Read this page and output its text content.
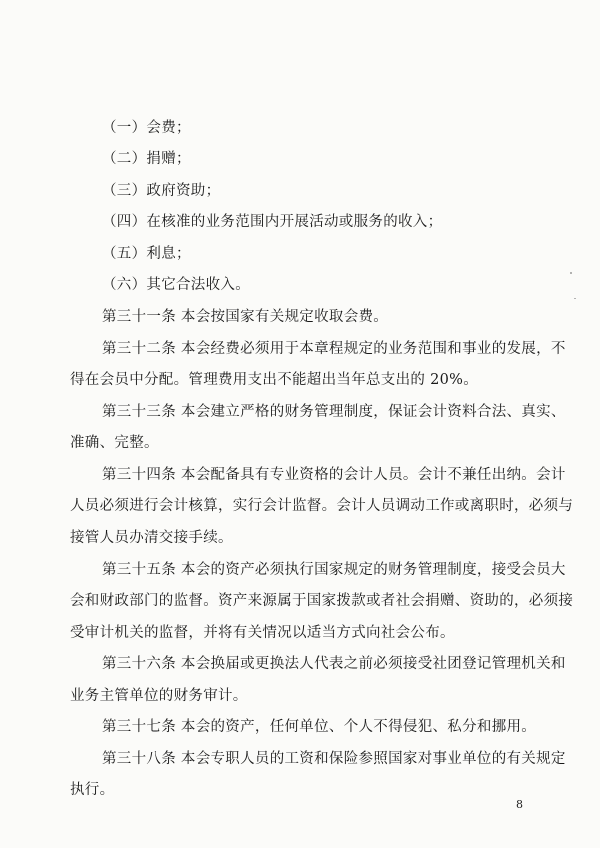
（一）会费；
（二）捐赠；
（三）政府资助；
（四）在核准的业务范围内开展活动或服务的收入；
（五）利息；
（六）其它合法收入。
第三十一条 本会按国家有关规定收取会费。
第三十二条 本会经费必须用于本章程规定的业务范围和事业的发展，不
得在会员中分配。管理费用支出不能超出当年总支出的 20%。
第三十三条 本会建立严格的财务管理制度，保证会计资料合法、真实、
准确、完整。
第三十四条 本会配备具有专业资格的会计人员。会计不兼任出纳。会计
人员必须进行会计核算，实行会计监督。会计人员调动工作或离职时，必须与
接管人员办清交接手续。
第三十五条 本会的资产必须执行国家规定的财务管理制度，接受会员大
会和财政部门的监督。资产来源属于国家拨款或者社会捐赠、资助的，必须接
受审计机关的监督，并将有关情况以适当方式向社会公布。
第三十六条 本会换届或更换法人代表之前必须接受社团登记管理机关和
业务主管单位的财务审计。
第三十七条 本会的资产，任何单位、个人不得侵犯、私分和挪用。
第三十八条 本会专职人员的工资和保险参照国家对事业单位的有关规定
执行。
8
